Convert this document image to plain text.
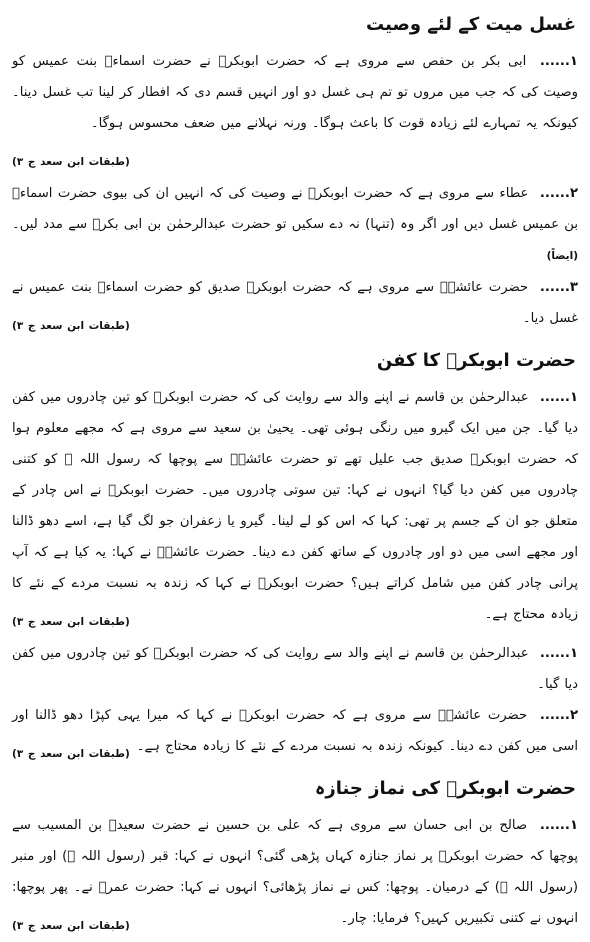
غسل میت کے لئے وصیت

۱...... ابی بکر بن حفص سے مروی ہے کہ حضرت ابوبکرؓ نے حضرت اسماءؓ بنت عمیس کو وصیت کی کہ جب میں مروں تو تم ہی غسل دو اور انہیں قسم دی کہ افطار کر لینا تب غسل دینا۔ کیونکہ یہ تمہارے لئے زیادہ قوت کا باعث ہوگا۔ ورنہ نہلانے میں ضعف محسوس ہوگا۔
(طبقات ابن سعد ج ۳)

۲...... عطاء سے مروی ہے کہ حضرت ابوبکرؓ نے وصیت کی کہ انہیں ان کی بیوی حضرت اسماءؓ بن عمیس غسل دیں اور اگر وہ (تنہا) نہ دے سکیں تو حضرت عبدالرحمٰن بن ابی بکرؓ سے مدد لیں۔ (ایضاً)

۳...... حضرت عائشہؓ سے مروی ہے کہ حضرت ابوبکرؓ صدیق کو حضرت اسماءؓ بنت عمیس نے غسل دیا۔
(طبقات ابن سعد ج ۳)

حضرت ابوبکرؓ کا کفن

۱...... عبدالرحمٰن بن قاسم نے اپنے والد سے روایت کی کہ حضرت ابوبکرؓ کو تین چادروں میں کفن دیا گیا۔ جن میں ایک گیرو میں رنگی ہوئی تھی۔ یحییٰ بن سعید سے مروی ہے کہ مجھے معلوم ہوا کہ حضرت ابوبکرؓ صدیق جب علیل تھے تو حضرت عائشہؓ سے پوچھا کہ رسول اللہ ﷺ کو کتنی چادروں میں کفن دیا گیا؟ انہوں نے کہا: تین سوتی چادروں میں۔ حضرت ابوبکرؓ نے اس چادر کے متعلق جو ان کے جسم پر تھی: کہا کہ اس کو لے لینا۔ گیرو یا زعفران جو لگ گیا ہے، اسے دھو ڈالنا اور مجھے اسی میں دو اور چادروں کے ساتھ کفن دے دینا۔ حضرت عائشہؓ نے کہا: یہ کیا ہے کہ آپ پرانی چادر کفن میں شامل کراتے ہیں؟ حضرت ابوبکرؓ نے کہا کہ زندہ بہ نسبت مردے کے نئے کا زیادہ محتاج ہے۔
(طبقات ابن سعد ج ۳)

۱...... عبدالرحمٰن بن قاسم نے اپنے والد سے روایت کی کہ حضرت ابوبکرؓ کو تین چادروں میں کفن دیا گیا۔

۲...... حضرت عائشہؓ سے مروی ہے کہ حضرت ابوبکرؓ نے کہا کہ میرا یہی کپڑا دھو ڈالنا اور اسی میں کفن دے دینا۔ کیونکہ زندہ بہ نسبت مردے کے نئے کا زیادہ محتاج ہے۔
(طبقات ابن سعد ج ۳)

حضرت ابوبکرؓ کی نماز جنازہ

۱...... صالح بن ابی حسان سے مروی ہے کہ علی بن حسین نے حضرت سعیدؓ بن المسیب سے پوچھا کہ حضرت ابوبکرؓ پر نماز جنازہ کہاں پڑھی گئی؟ انہوں نے کہا: قبر (رسول اللہ ﷺ) اور منبر (رسول اللہ ﷺ) کے درمیان۔ پوچھا: کس نے نماز پڑھائی؟ انہوں نے کہا: حضرت عمرؓ نے۔ پھر پوچھا: انہوں نے کتنی تکبیریں کہیں؟ فرمایا: چار۔
(طبقات ابن سعد ج ۳)
